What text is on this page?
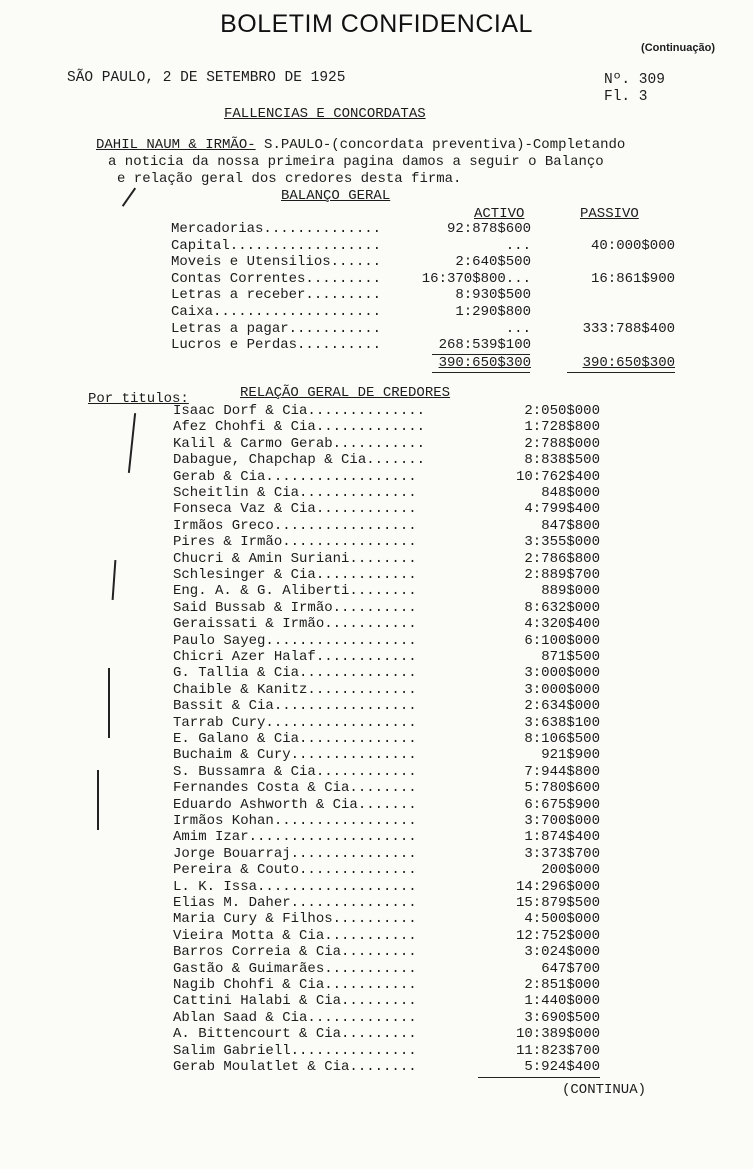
BOLETIM CONFIDENCIAL
(Continuação)
SÃO PAULO, 2 DE SETEMBRO DE 1925	Nº. 309
Fl. 3
FALLENCIAS E CONCORDATAS
DAHIL NAUM & IRMÃO- S.PAULO-(concordata preventiva)-Completando
a noticia da nossa primeira pagina damos a seguir o Balanço
e relação geral dos credores desta firma.
BALANÇO GERAL
ACTIVO	PASSIVO
Mercadorias..............	92:878$600
Capital..................	...	40:000$000
Moveis e Utensilios......	2:640$500
Contas Correntes.........	16:370$800...	16:861$900
Letras a receber.........	8:930$500
Caixa....................	1:290$800
Letras a pagar...........	...	333:788$400
Lucros e Perdas..........	268:539$100
390:650$300	390:650$300
Por titulos:	RELAÇÃO GERAL DE CREDORES
Isaac Dorf & Cia..............	2:050$000
Afez Chohfi & Cia.............	1:728$800
Kalil & Carmo Gerab...........	2:788$000
Dabague, Chapchap & Cia.......	8:838$500
Gerab & Cia..................	10:762$400
Scheitlin & Cia..............	848$000
Fonseca Vaz & Cia............	4:799$400
Irmãos Greco.................	847$800
Pires & Irmão................	3:355$000
Chucri & Amin Suriani........	2:786$800
Schlesinger & Cia............	2:889$700
Eng. A. & G. Aliberti........	889$000
Said Bussab & Irmão..........	8:632$000
Geraissati & Irmão...........	4:320$400
Paulo Sayeg..................	6:100$000
Chicri Azer Halaf............	871$500
G. Tallia & Cia..............	3:000$000
Chaible & Kanitz.............	3:000$000
Bassit & Cia.................	2:634$000
Tarrab Cury..................	3:638$100
E. Galano & Cia..............	8:106$500
Buchaim & Cury...............	921$900
S. Bussamra & Cia............	7:944$800
Fernandes Costa & Cia........	5:780$600
Eduardo Ashworth & Cia.......	6:675$900
Irmãos Kohan.................	3:700$000
Amim Izar....................	1:874$400
Jorge Bouarraj...............	3:373$700
Pereira & Couto..............	200$000
L. K. Issa...................	14:296$000
Elias M. Daher...............	15:879$500
Maria Cury & Filhos..........	4:500$000
Vieira Motta & Cia...........	12:752$000
Barros Correia & Cia.........	3:024$000
Gastão & Guimarães...........	647$700
Nagib Chohfi & Cia...........	2:851$000
Cattini Halabi & Cia.........	1:440$000
Ablan Saad & Cia.............	3:690$500
A. Bittencourt & Cia.........	10:389$000
Salim Gabriell...............	11:823$700
Gerab Moulatlet & Cia........	5:924$400
(CONTINUA)
